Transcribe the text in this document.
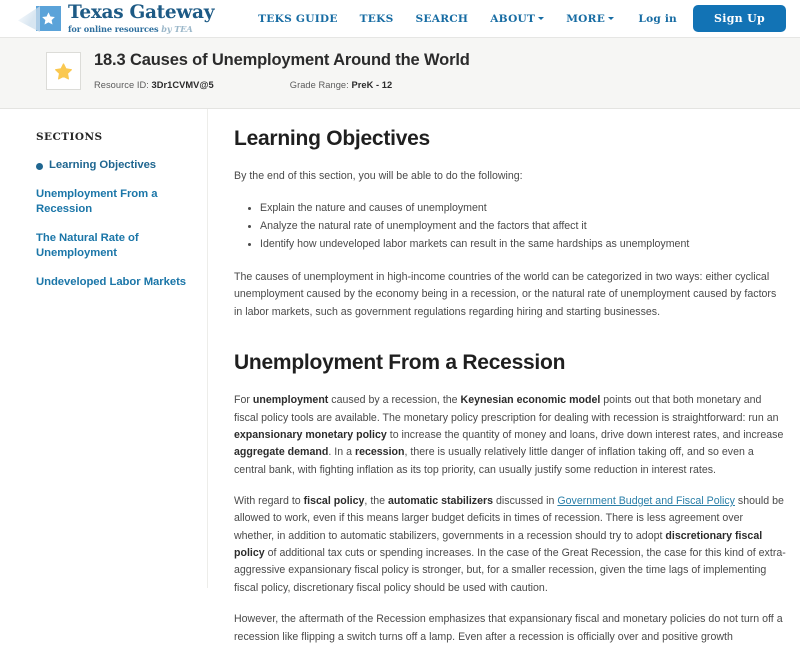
Texas Gateway
for online resources by TEA
TEKS GUIDE TEKS SEARCH ABOUT	MORE	Log in	Sign Up
18.3 Causes of Unemployment Around the World
Resource ID: 3Dr1CVMV@5	Grade Range: PreK - 12
SECTIONS
Learning Objectives
Unemployment From a Recession
The Natural Rate of Unemployment
Undeveloped Labor Markets
Learning Objectives

By the end of this section, you will be able to do the following:

Explain the nature and causes of unemployment
Analyze the natural rate of unemployment and the factors that affect it
Identify how undeveloped labor markets can result in the same hardships as unemployment

The causes of unemployment in high-income countries of the world can be categorized in two ways: either cyclical unemployment caused by the economy being in a recession, or the natural rate of unemployment caused by factors in labor markets, such as government regulations regarding hiring and starting businesses.

Unemployment From a Recession

For unemployment caused by a recession, the Keynesian economic model points out that both monetary and fiscal policy tools are available. The monetary policy prescription for dealing with recession is straightforward: run an expansionary monetary policy to increase the quantity of money and loans, drive down interest rates, and increase aggregate demand. In a recession, there is usually relatively little danger of inflation taking off, and so even a central bank, with fighting inflation as its top priority, can usually justify some reduction in interest rates.

With regard to fiscal policy, the automatic stabilizers discussed in Government Budget and Fiscal Policy should be allowed to work, even if this means larger budget deficits in times of recession. There is less agreement over whether, in addition to automatic stabilizers, governments in a recession should try to adopt discretionary fiscal policy of additional tax cuts or spending increases. In the case of the Great Recession, the case for this kind of extra-aggressive expansionary fiscal policy is stronger, but, for a smaller recession, given the time lags of implementing fiscal policy, discretionary fiscal policy should be used with caution.

However, the aftermath of the Recession emphasizes that expansionary fiscal and monetary policies do not turn off a recession like flipping a switch turns off a lamp. Even after a recession is officially over and positive growth
